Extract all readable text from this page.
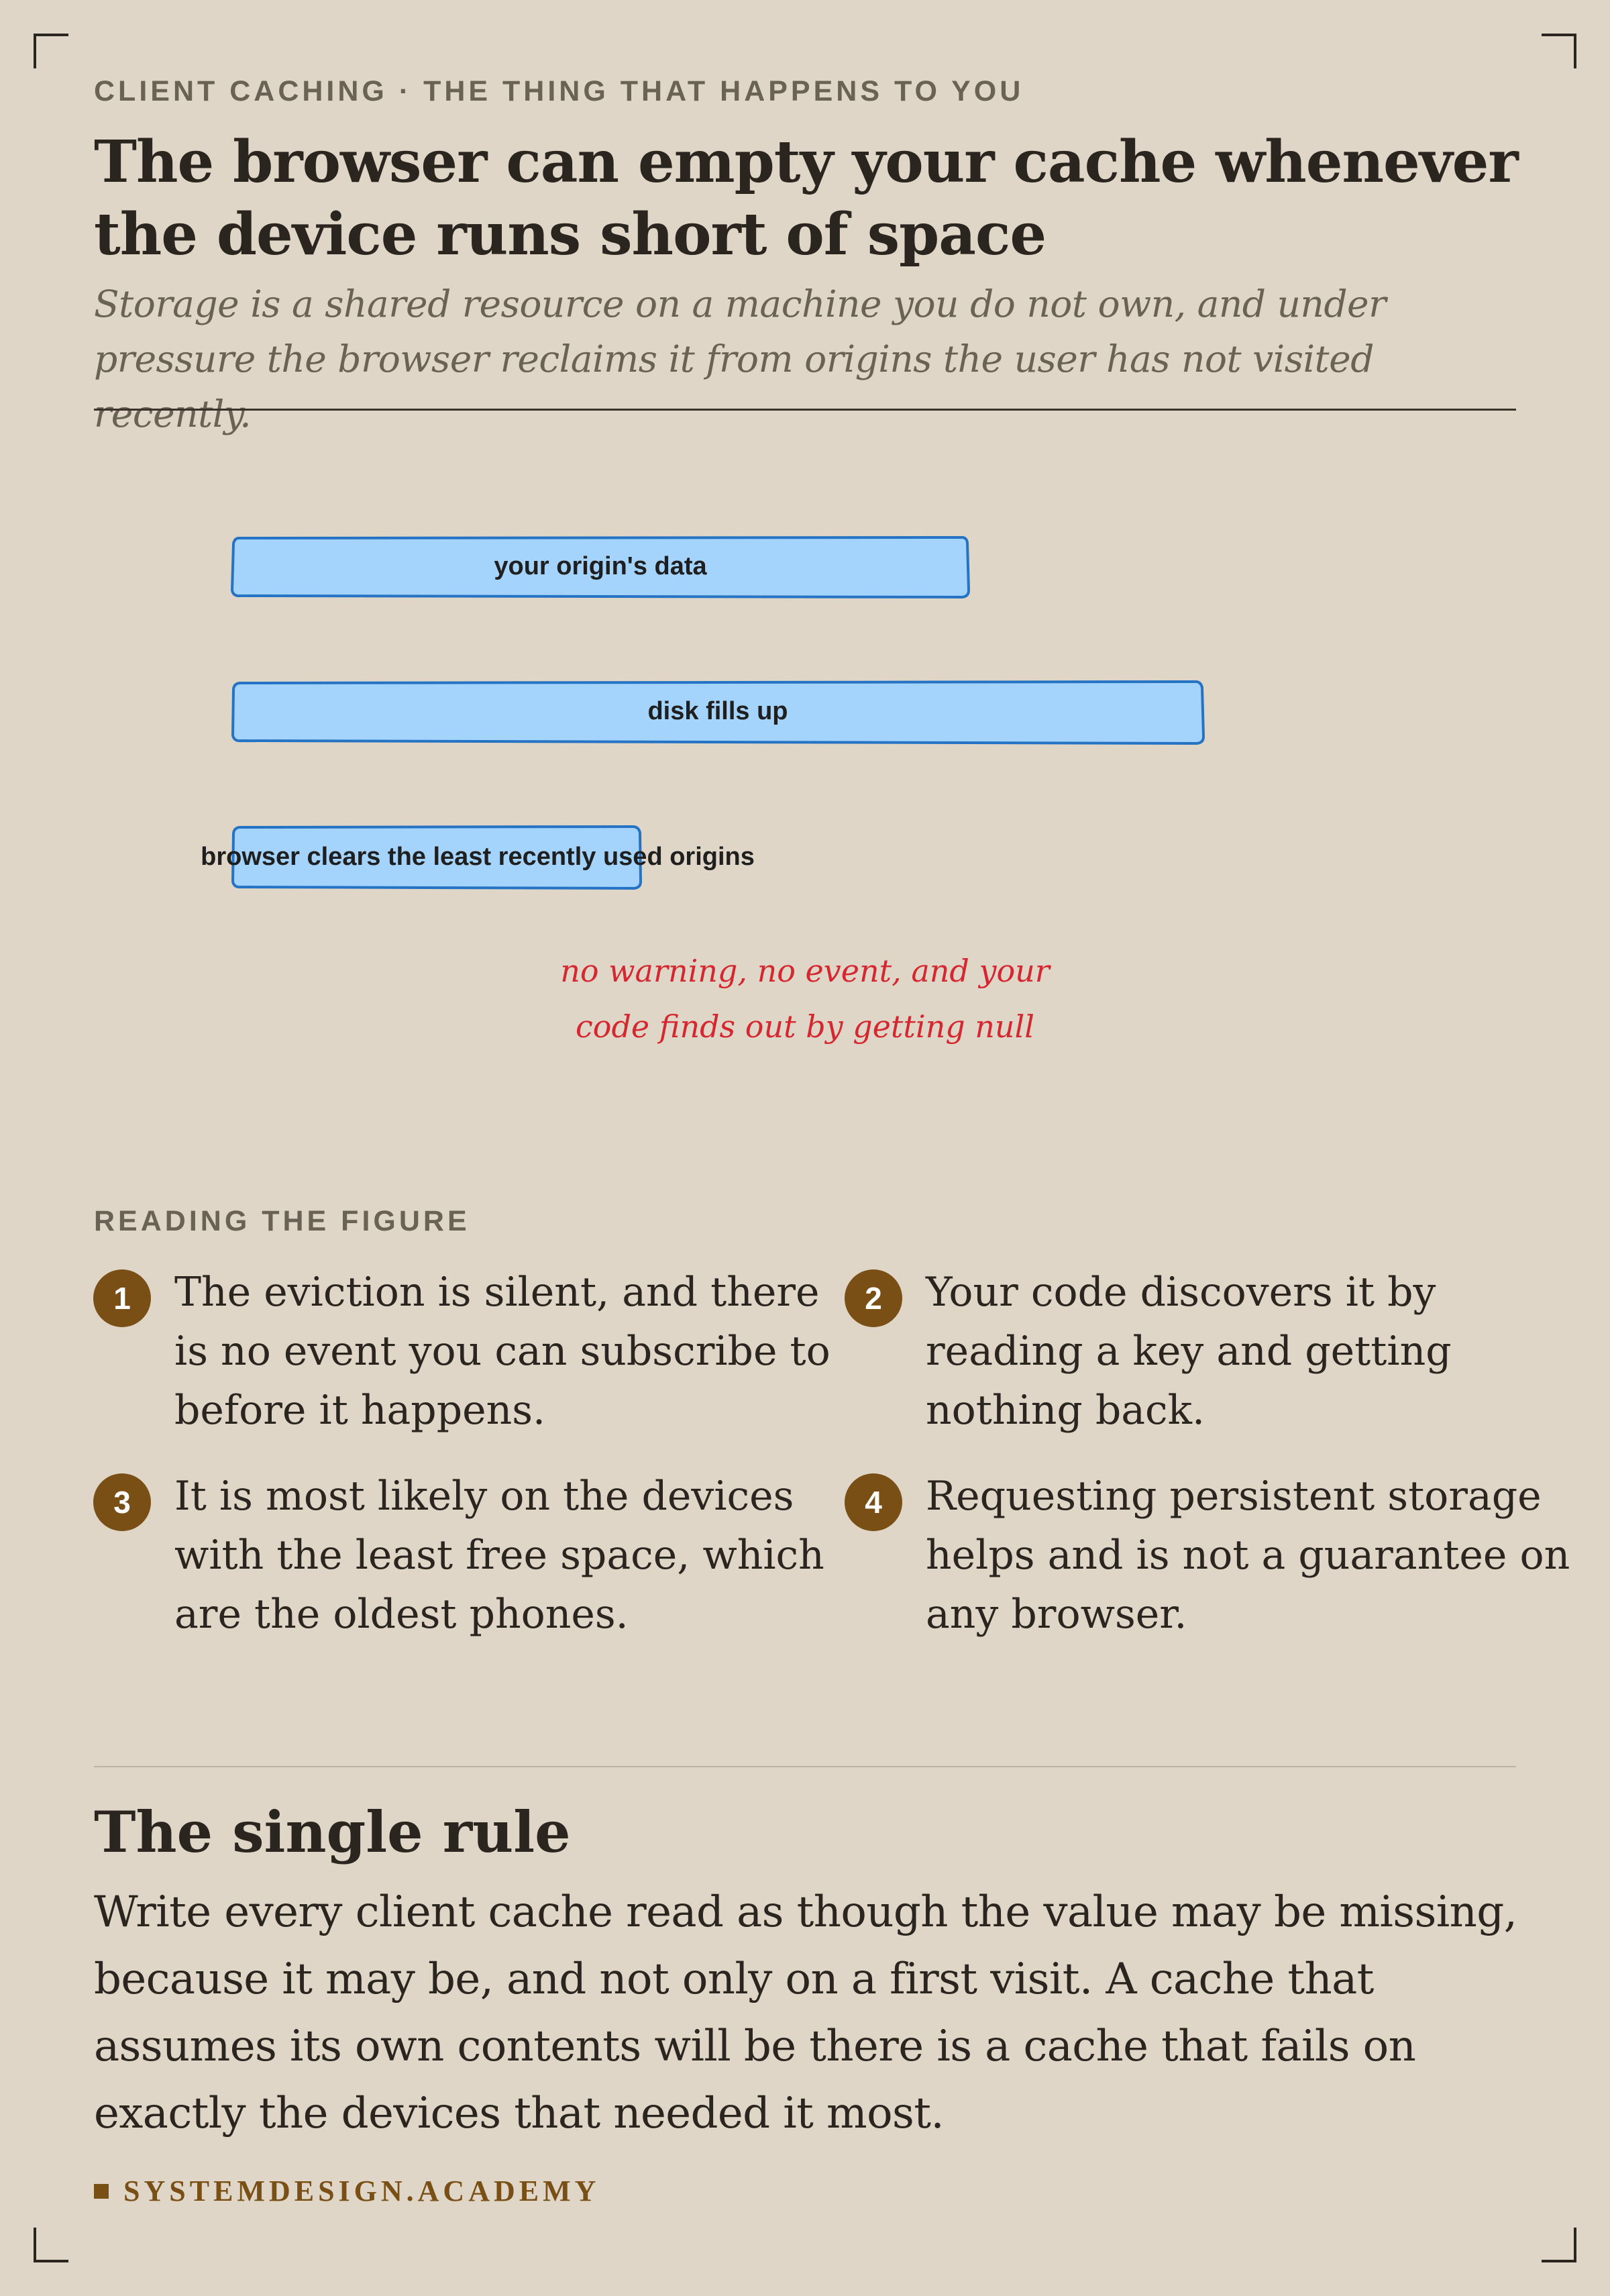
CLIENT CACHING · THE THING THAT HAPPENS TO YOU
The browser can empty your cache whenever the device runs short of space
Storage is a shared resource on a machine you do not own, and under pressure the browser reclaims it from origins the user has not visited recently.
your origin's data
disk fills up
browser clears the least recently used origins
no warning, no event, and your
code finds out by getting null
READING THE FIGURE
1	The eviction is silent, and there is no event you can subscribe to before it happens.
2	Your code discovers it by reading a key and getting nothing back.
3	It is most likely on the devices with the least free space, which are the oldest phones.
4	Requesting persistent storage helps and is not a guarantee on any browser.
The single rule
Write every client cache read as though the value may be missing, because it may be, and not only on a first visit. A cache that assumes its own contents will be there is a cache that fails on exactly the devices that needed it most.
SYSTEMDESIGN.ACADEMY
